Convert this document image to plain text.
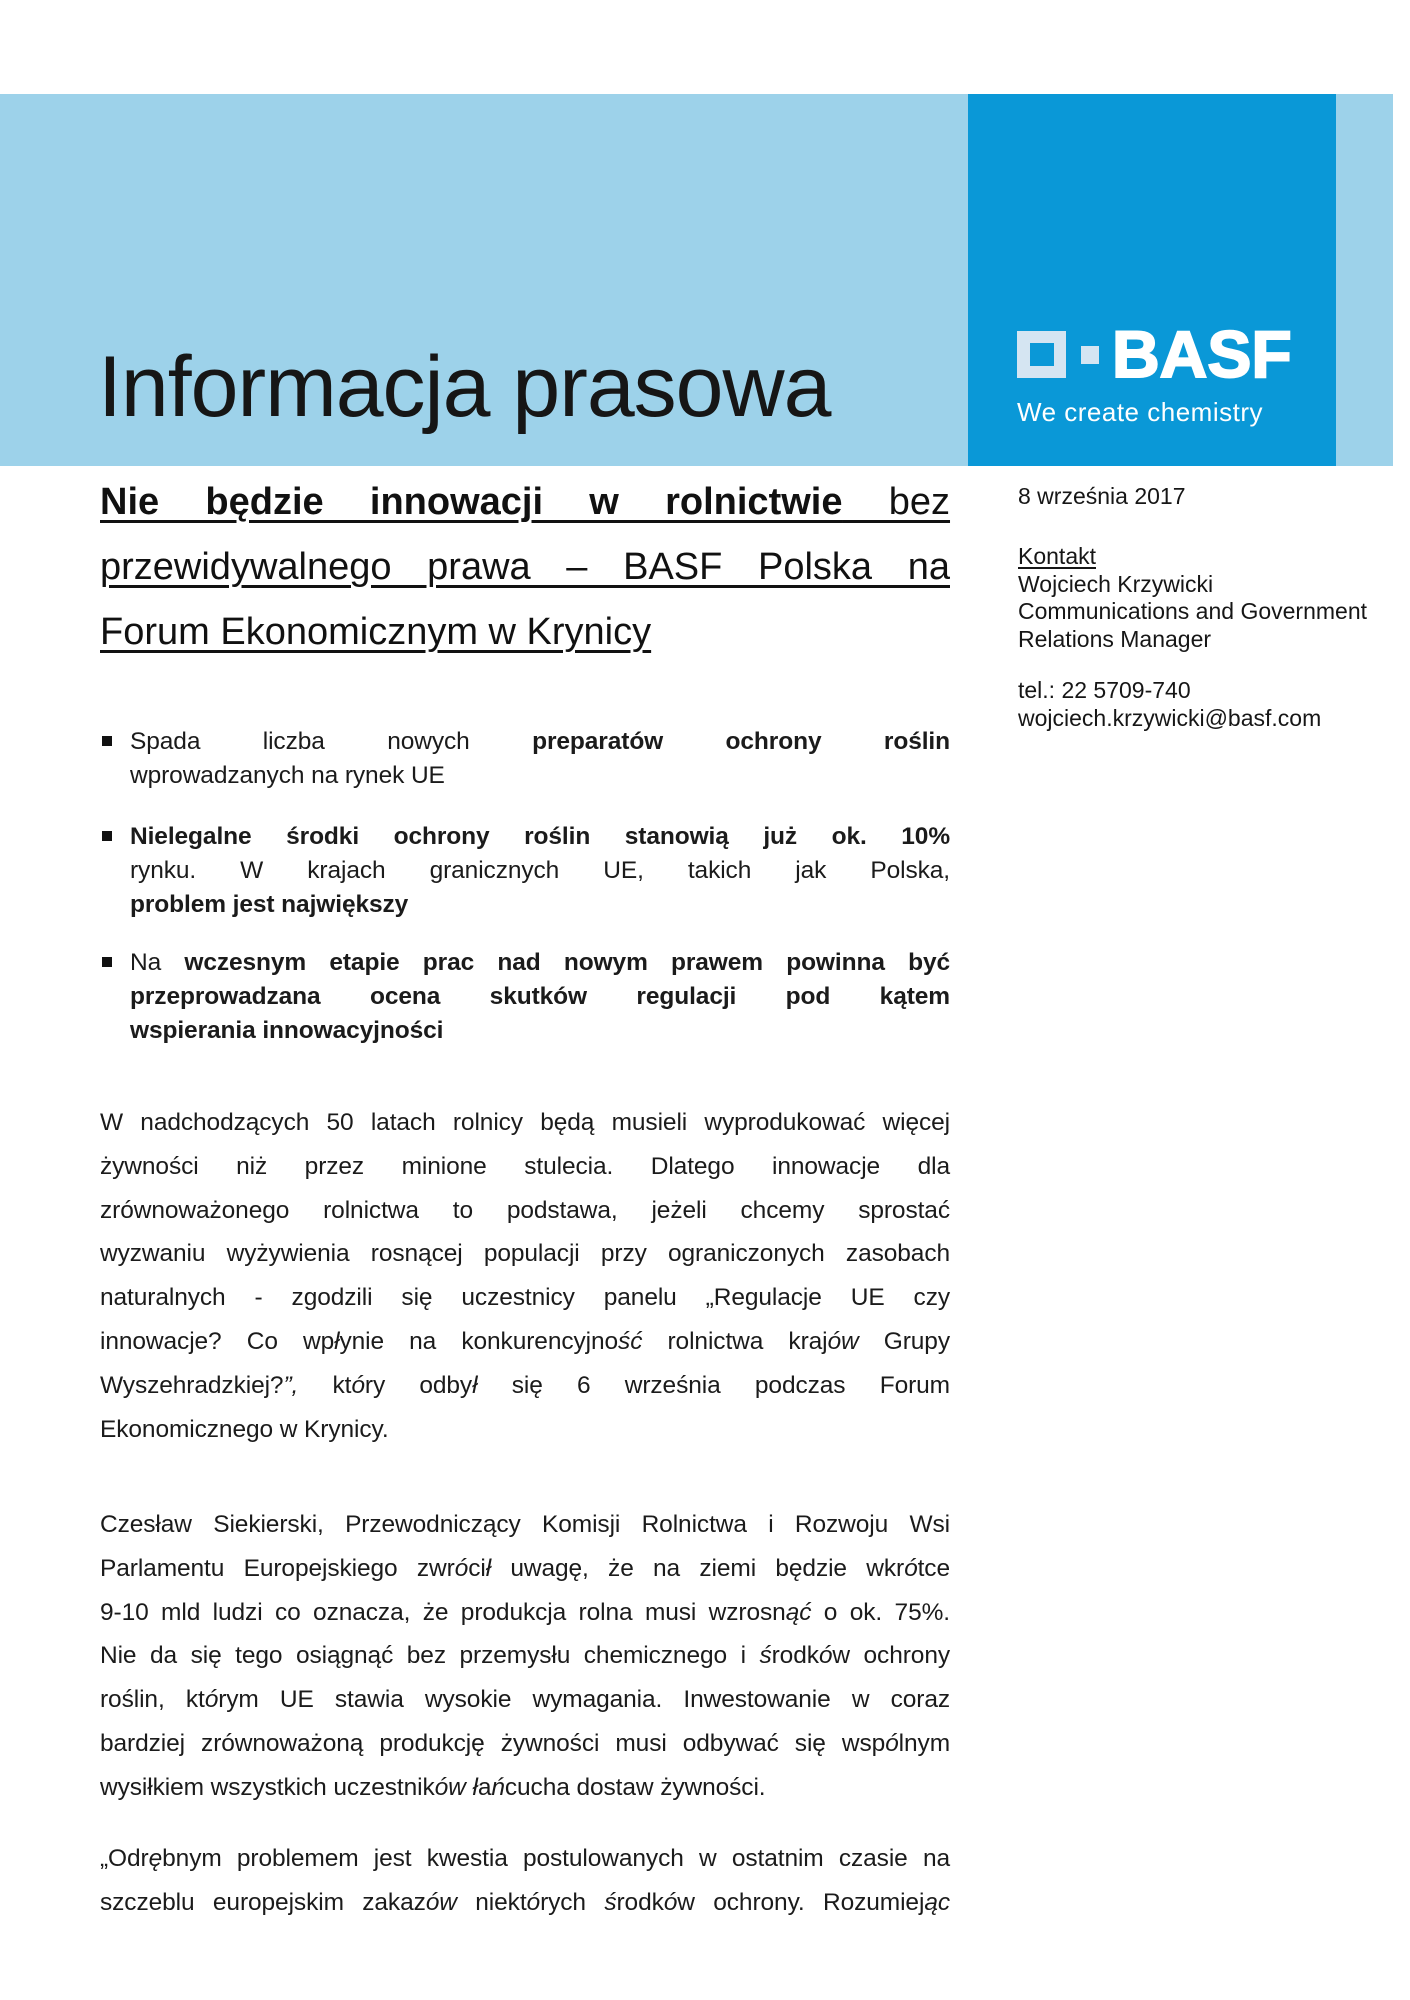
Informacja prasowa	BASF
We create chemistry
Nie będzie innowacji w rolnictwie bez
przewidywalnego prawa – BASF Polska na
Forum Ekonomicznym w Krynicy
Spada liczba nowych preparatów ochrony roślin
wprowadzanych na rynek UE
Nielegalne środki ochrony roślin stanowią już ok. 10%
rynku. W krajach granicznych UE, takich jak Polska,
problem jest największy
Na wczesnym etapie prac nad nowym prawem powinna być
przeprowadzana ocena skutków regulacji pod kątem
wspierania innowacyjności
W nadchodzących 50 latach rolnicy będą musieli wyprodukować więcej
żywności niż przez minione stulecia. Dlatego innowacje dla
zrównoważonego rolnictwa to podstawa, jeżeli chcemy sprostać
wyzwaniu wyżywienia rosnącej populacji przy ograniczonych zasobach
naturalnych - zgodzili się uczestnicy panelu „Regulacje UE czy
innowacje? Co wpłynie na konkurencyjność rolnictwa krajów Grupy
Wyszehradzkiej?”, który odbył się 6 września podczas Forum
Ekonomicznego w Krynicy.
Czesław Siekierski, Przewodniczący Komisji Rolnictwa i Rozwoju Wsi
Parlamentu Europejskiego zwrócił uwagę, że na ziemi będzie wkrótce
9-10 mld ludzi co oznacza, że produkcja rolna musi wzrosnąć o ok. 75%.
Nie da się tego osiągnąć bez przemysłu chemicznego i środków ochrony
roślin, którym UE stawia wysokie wymagania. Inwestowanie w coraz
bardziej zrównoważoną produkcję żywności musi odbywać się wspólnym
wysiłkiem wszystkich uczestników łańcucha dostaw żywności.
„Odrębnym problemem jest kwestia postulowanych w ostatnim czasie na
szczeblu europejskim zakazów niektórych środków ochrony. Rozumiejąc
8 września 2017
Kontakt
Wojciech Krzywicki
Communications and Government
Relations Manager
tel.: 22 5709-740
wojciech.krzywicki@basf.com
